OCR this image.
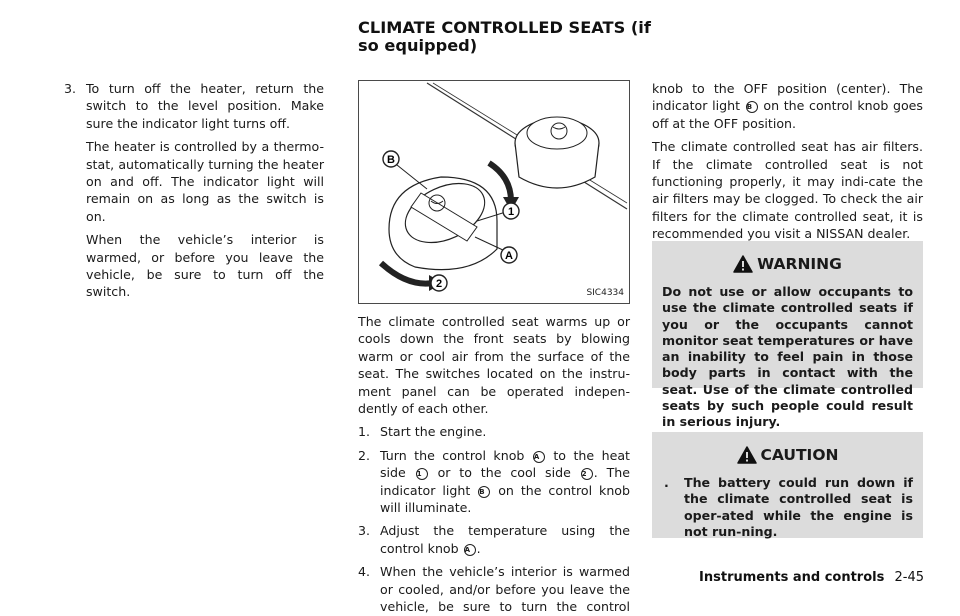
CLIMATE CONTROLLED SEATS (if so equipped)
3. To turn off the heater, return the switch to the level position. Make sure the indicator light turns off.

The heater is controlled by a thermo-stat, automatically turning the heater on and off. The indicator light will remain on as long as the switch is on.

When the vehicle’s interior is warmed, or before you leave the vehicle, be sure to turn off the switch.

B
1
A
2
SIC4334

The climate controlled seat warms up or cools down the front seats by blowing warm or cool air from the surface of the seat. The switches located on the instru-ment panel can be operated indepen-dently of each other.

1. Start the engine.

2. Turn the control knob A to the heat side 1 or to the cool side 2 . The indicator light B on the control knob will illuminate.

3. Adjust the temperature using the control knob A .

4. When the vehicle’s interior is warmed or cooled, and/or before you leave the vehicle, be sure to turn the control

knob to the OFF position (center). The indicator light B on the control knob goes off at the OFF position.

The climate controlled seat has air filters. If the climate controlled seat is not functioning properly, it may indi-cate the air filters may be clogged. To check the air filters for the climate controlled seat, it is recommended you visit a NISSAN dealer.

WARNING
Do not use or allow occupants to use the climate controlled seats if you or the occupants cannot monitor seat temperatures or have an inability to feel pain in those body parts in contact with the seat. Use of the climate controlled seats by such people could result in serious injury.
CAUTION
. The battery could run down if the climate controlled seat is oper-ated while the engine is not run-ning.
Instruments and controls 2-45
